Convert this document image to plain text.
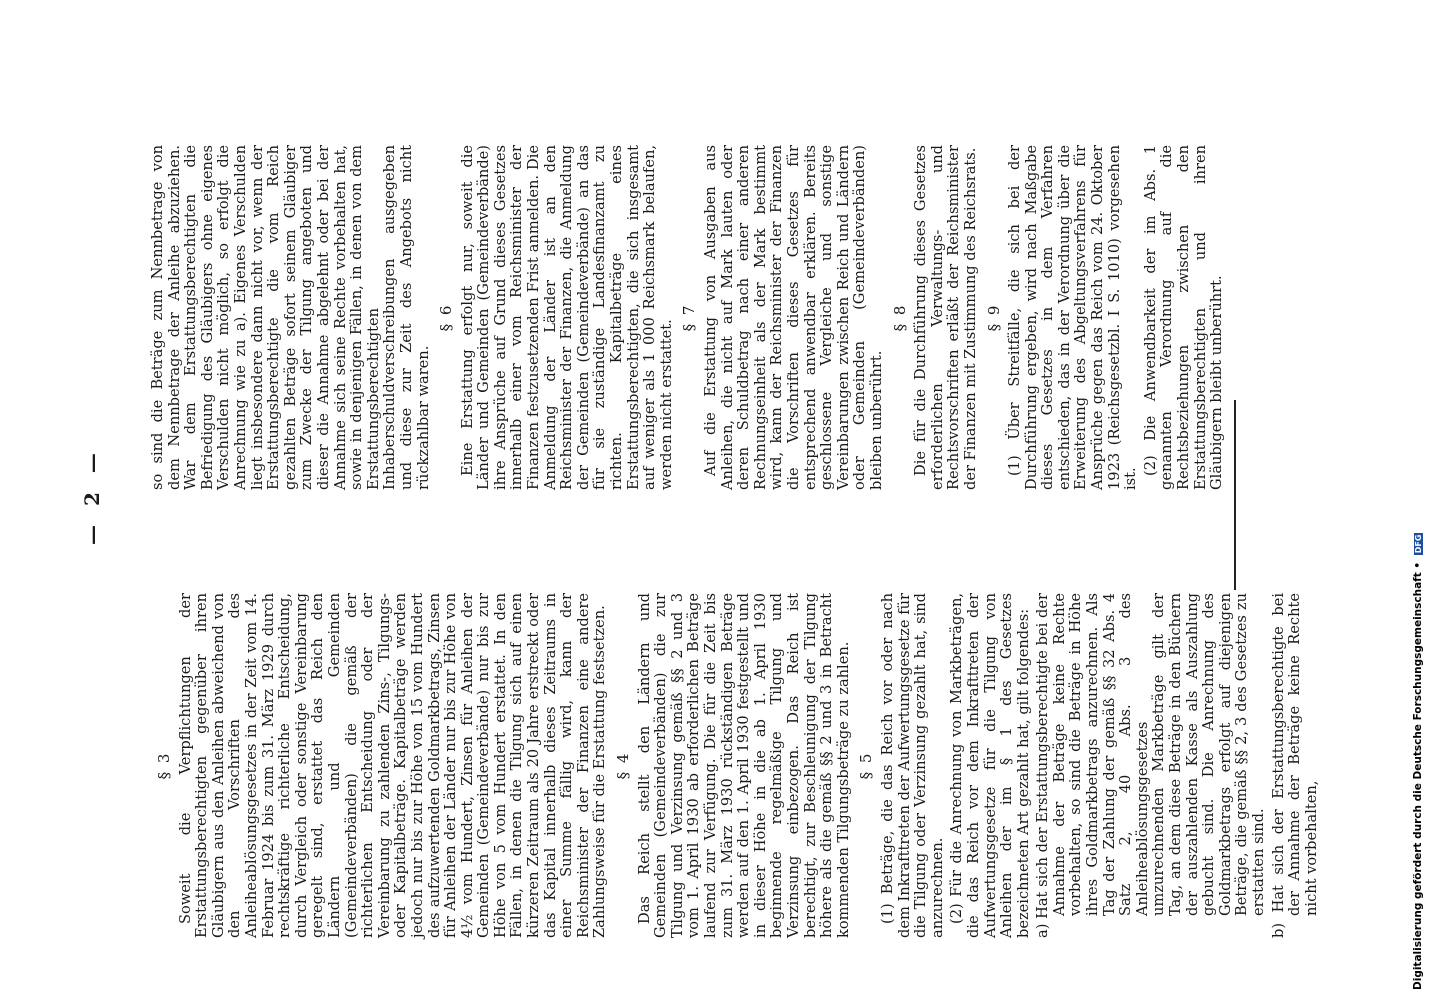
— 2 —
§ 3 Soweit die Verpflichtungen der Erstattungsberechtigten gegenüber ihren Gläubigern aus den Anleihen abweichend von den Vorschriften des Anleiheablösungsgesetzes in der Zeit vom 14. Februar 1924 bis zum 31. März 1929 durch rechtskräftige richterliche Entscheidung, durch Vergleich oder sonstige Vereinbarung geregelt sind, erstattet das Reich den Ländern und Gemeinden (Gemeindeverbänden) die gemäß der richterlichen Entscheidung oder der Vereinbarung zu zahlenden Zins-, Tilgungs- oder Kapitalbeträge. Kapitalbeträge werden jedoch nur bis zur Höhe von 15 vom Hundert des aufzuwertenden Goldmarkbetrags, Zinsen für Anleihen der Länder nur bis zur Höhe von 4½ vom Hundert, Zinsen für Anleihen der Gemeinden (Gemeindeverbände) nur bis zur Höhe von 5 vom Hundert erstattet. In den Fällen, in denen die Tilgung sich auf einen kürzeren Zeitraum als 20 Jahre erstreckt oder das Kapital innerhalb dieses Zeitraums in einer Summe fällig wird, kann der Reichsminister der Finanzen eine andere Zahlungsweise für die Erstattung festsetzen. § 4 Das Reich stellt den Ländern und Gemeinden (Gemeindeverbänden) die zur Tilgung und Verzinsung gemäß §§ 2 und 3 vom 1. April 1930 ab erforderlichen Beträge laufend zur Verfügung. Die für die Zeit bis zum 31. März 1930 rückständigen Beträge werden auf den 1. April 1930 festgestellt und in dieser Höhe in die ab 1. April 1930 beginnende regelmäßige Tilgung und Verzinsung einbezogen. Das Reich ist berechtigt, zur Beschleunigung der Tilgung höhere als die gemäß §§ 2 und 3 in Betracht kommenden Tilgungsbeträge zu zahlen. § 5 (1) Beträge, die das Reich vor oder nach dem Inkrafttreten der Aufwertungsgesetze für die Tilgung oder Verzinsung gezahlt hat, sind anzurechnen. (2) Für die Anrechnung von Markbeträgen, die das Reich vor dem Inkrafttreten der Aufwertungsgesetze für die Tilgung von Anleihen der im § 1 des Gesetzes bezeichneten Art gezahlt hat, gilt folgendes: a) Hat sich der Erstattungsberechtigte bei der Annahme der Beträge keine Rechte vorbehalten, so sind die Beträge in Höhe ihres Goldmarkbetrags anzurechnen. Als Tag der Zahlung der gemäß §§ 32 Abs. 4 Satz 2, 40 Abs. 3 des Anleiheablösungsgesetzes umzurechnenden Markbeträge gilt der Tag, an dem diese Beträge in den Büchern der auszahlenden Kasse als Auszahlung gebucht sind. Die Anrechnung des Goldmarkbetrags erfolgt auf diejenigen Beträge, die gemäß §§ 2, 3 des Gesetzes zu erstatten sind. b) Hat sich der Erstattungsberechtigte bei der Annahme der Beträge keine Rechte nicht vorbehalten,

so sind die Beträge zum Nennbetrage von dem Nennbetrage der Anleihe abzuziehen. War dem Erstattungsberechtigten die Befriedigung des Gläubigers ohne eigenes Verschulden nicht möglich, so erfolgt die Anrechnung wie zu a). Eigenes Verschulden liegt insbesondere dann nicht vor, wenn der Erstattungsberechtigte die vom Reich gezahlten Beträge sofort seinem Gläubiger zum Zwecke der Tilgung angeboten und dieser die Annahme abgelehnt oder bei der Annahme sich seine Rechte vorbehalten hat, sowie in denjenigen Fällen, in denen von dem Erstattungsberechtigten Inhaberschuldverschreibungen ausgegeben und diese zur Zeit des Angebots nicht rückzahlbar waren.

§ 6 Eine Erstattung erfolgt nur, soweit die Länder und Gemeinden (Gemeindeverbände) ihre Ansprüche auf Grund dieses Gesetzes innerhalb einer vom Reichsminister der Finanzen festzusetzenden Frist anmelden. Die Anmeldung der Länder ist an den Reichsminister der Finanzen, die Anmeldung der Gemeinden (Gemeindeverbände) an das für sie zuständige Landesfinanzamt zu richten. Kapitalbeträge eines Erstattungsberechtigten, die sich insgesamt auf weniger als 1 000 Reichsmark belaufen, werden nicht erstattet.

§ 7 Auf die Erstattung von Ausgaben aus Anleihen, die nicht auf Mark lauten oder deren Schuldbetrag nach einer anderen Rechnungseinheit als der Mark bestimmt wird, kann der Reichsminister der Finanzen die Vorschriften dieses Gesetzes für entsprechend anwendbar erklären. Bereits geschlossene Vergleiche und sonstige Vereinbarungen zwischen Reich und Ländern oder Gemeinden (Gemeindeverbänden) bleiben unberührt.

§ 8 Die für die Durchführung dieses Gesetzes erforderlichen Verwaltungs- und Rechtsvorschriften erläßt der Reichsminister der Finanzen mit Zustimmung des Reichsrats. § 9 (1) Über Streitfälle, die sich bei der Durchführung ergeben, wird nach Maßgabe dieses Gesetzes in dem Verfahren entschieden, das in der Verordnung über die Erweiterung des Abgeltungsverfahrens für Ansprüche gegen das Reich vom 24. Oktober 1923 (Reichsgesetzbl. I S. 1010) vorgesehen ist.

(2) Die Anwendbarkeit der im Abs. 1 genannten Verordnung auf die Rechtsbeziehungen zwischen den Erstattungsberechtigten und ihren Gläubigern bleibt unberührt.

Digitalisierung gefördert durch die Deutsche Forschungsgemeinschaft • DFG
